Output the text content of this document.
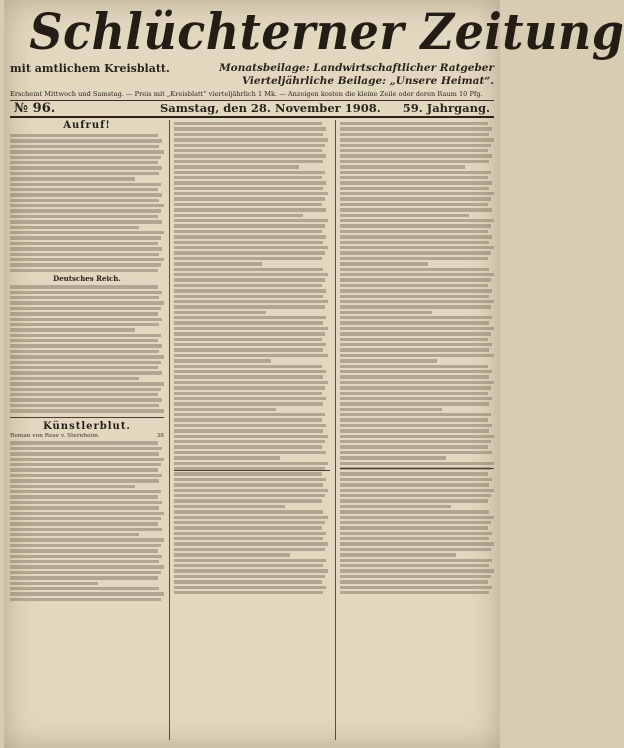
Schlüchterner Zeitung
mit amtlichem Kreisblatt.	Monatsbeilage: Landwirtschaftlicher Ratgeber
Vierteljährliche Beilage: „Unsere Heimat“.
Erscheint Mittwoch und Samstag. — Preis mit „Kreisblatt“ vierteljährlich 1 Mk. — Anzeigen kosten die kleine Zeile oder deren Raum 10 Pfg.
№ 96.	Samstag, den 28. November 1908. 59. Jahrgang.
Aufruf!
Deutsches Reich.
Künstlerblut.
Roman von Rose v. Sternheim.	38
